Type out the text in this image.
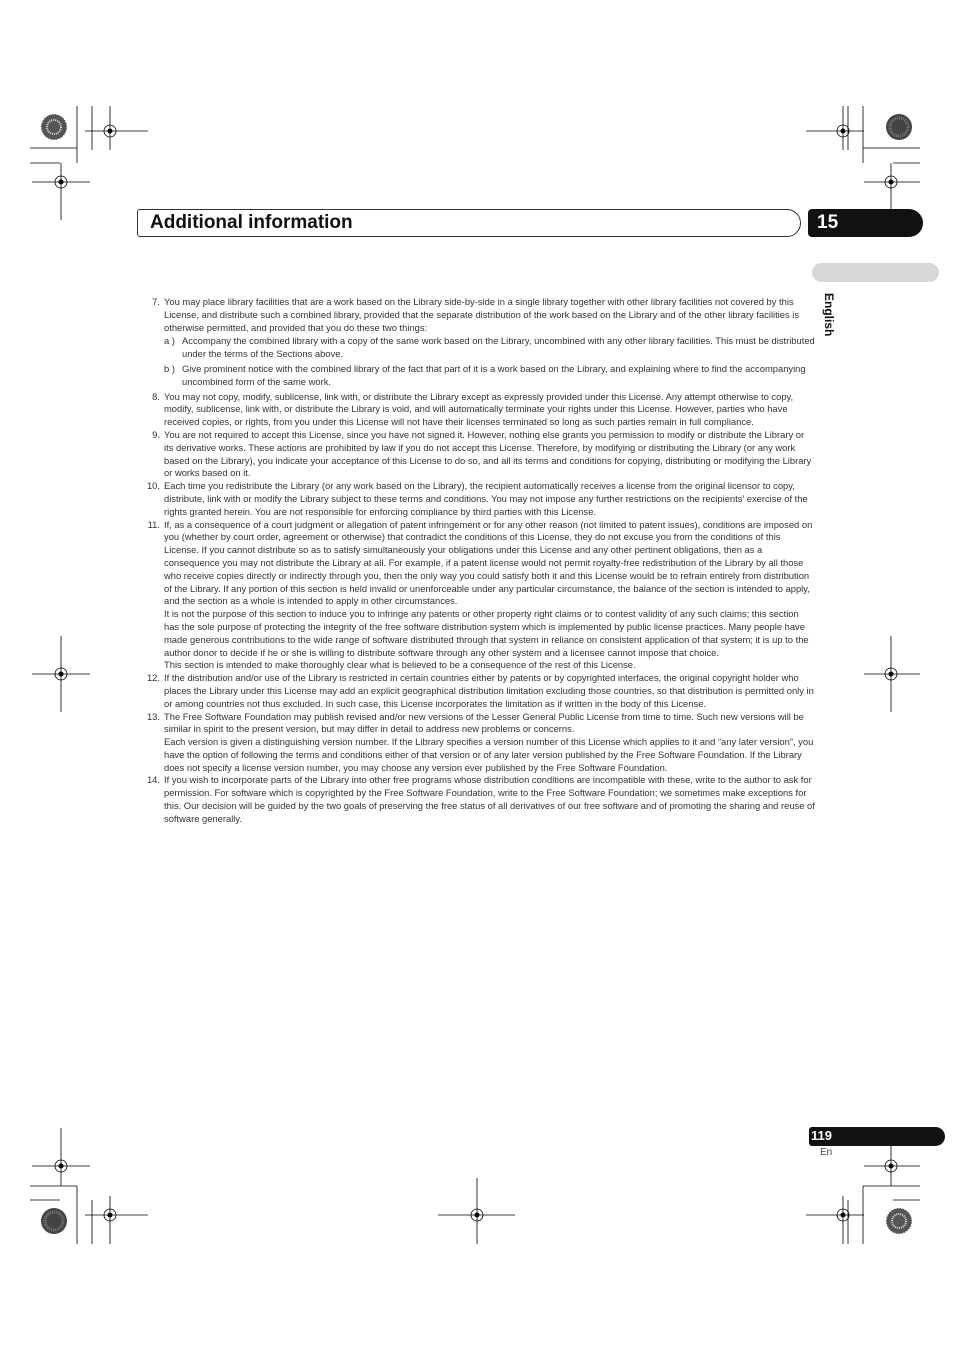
Additional information	15
English
7. You may place library facilities that are a work based on the Library side-by-side in a single library together with other library facilities not covered by this License, and distribute such a combined library, provided that the separate distribution of the work based on the Library and of the other library facilities is otherwise permitted, and provided that you do these two things:

a ) Accompany the combined library with a copy of the same work based on the Library, uncombined with any other library facilities. This must be distributed under the terms of the Sections above.
b ) Give prominent notice with the combined library of the fact that part of it is a work based on the Library, and explaining where to find the accompanying uncombined form of the same work.
8. You may not copy, modify, sublicense, link with, or distribute the Library except as expressly provided under this License. Any attempt otherwise to copy, modify, sublicense, link with, or distribute the Library is void, and will automatically terminate your rights under this License. However, parties who have received copies, or rights, from you under this License will not have their licenses terminated so long as such parties remain in full compliance.

9. You are not required to accept this License, since you have not signed it. However, nothing else grants you permission to modify or distribute the Library or its derivative works. These actions are prohibited by law if you do not accept this License. Therefore, by modifying or distributing the Library (or any work based on the Library), you indicate your acceptance of this License to do so, and all its terms and conditions for copying, distributing or modifying the Library or works based on it.

10. Each time you redistribute the Library (or any work based on the Library), the recipient automatically receives a license from the original licensor to copy, distribute, link with or modify the Library subject to these terms and conditions. You may not impose any further restrictions on the recipients’ exercise of the rights granted herein. You are not responsible for enforcing compliance by third parties with this License.

11. If, as a consequence of a court judgment or allegation of patent infringement or for any other reason (not limited to patent issues), conditions are imposed on you (whether by court order, agreement or otherwise) that contradict the conditions of this License, they do not excuse you from the conditions of this License. If you cannot distribute so as to satisfy simultaneously your obligations under this License and any other pertinent obligations, then as a consequence you may not distribute the Library at all. For example, if a patent license would not permit royalty-free redistribution of the Library by all those who receive copies directly or indirectly through you, then the only way you could satisfy both it and this License would be to refrain entirely from distribution of the Library. If any portion of this section is held invalid or unenforceable under any particular circumstance, the balance of the section is intended to apply, and the section as a whole is intended to apply in other circumstances.

It is not the purpose of this section to induce you to infringe any patents or other property right claims or to contest validity of any such claims; this section has the sole purpose of protecting the integrity of the free software distribution system which is implemented by public license practices. Many people have made generous contributions to the wide range of software distributed through that system in reliance on consistent application of that system; it is up to the author donor to decide if he or she is willing to distribute software through any other system and a licensee cannot impose that choice.

This section is intended to make thoroughly clear what is believed to be a consequence of the rest of this License.

12. If the distribution and/or use of the Library is restricted in certain countries either by patents or by copyrighted interfaces, the original copyright holder who places the Library under this License may add an explicit geographical distribution limitation excluding those countries, so that distribution is permitted only in or among countries not thus excluded. In such case, this License incorporates the limitation as if written in the body of this License.

13. The Free Software Foundation may publish revised and/or new versions of the Lesser General Public License from time to time. Such new versions will be similar in spirit to the present version, but may differ in detail to address new problems or concerns.

Each version is given a distinguishing version number. If the Library specifies a version number of this License which applies to it and “any later version”, you have the option of following the terms and conditions either of that version or of any later version published by the Free Software Foundation. If the Library does not specify a license version number, you may choose any version ever published by the Free Software Foundation.

14. If you wish to incorporate parts of the Library into other free programs whose distribution conditions are incompatible with these, write to the author to ask for permission. For software which is copyrighted by the Free Software Foundation, write to the Free Software Foundation; we sometimes make exceptions for this. Our decision will be guided by the two goals of preserving the free status of all derivatives of our free software and of promoting the sharing and reuse of software generally.

119
En
